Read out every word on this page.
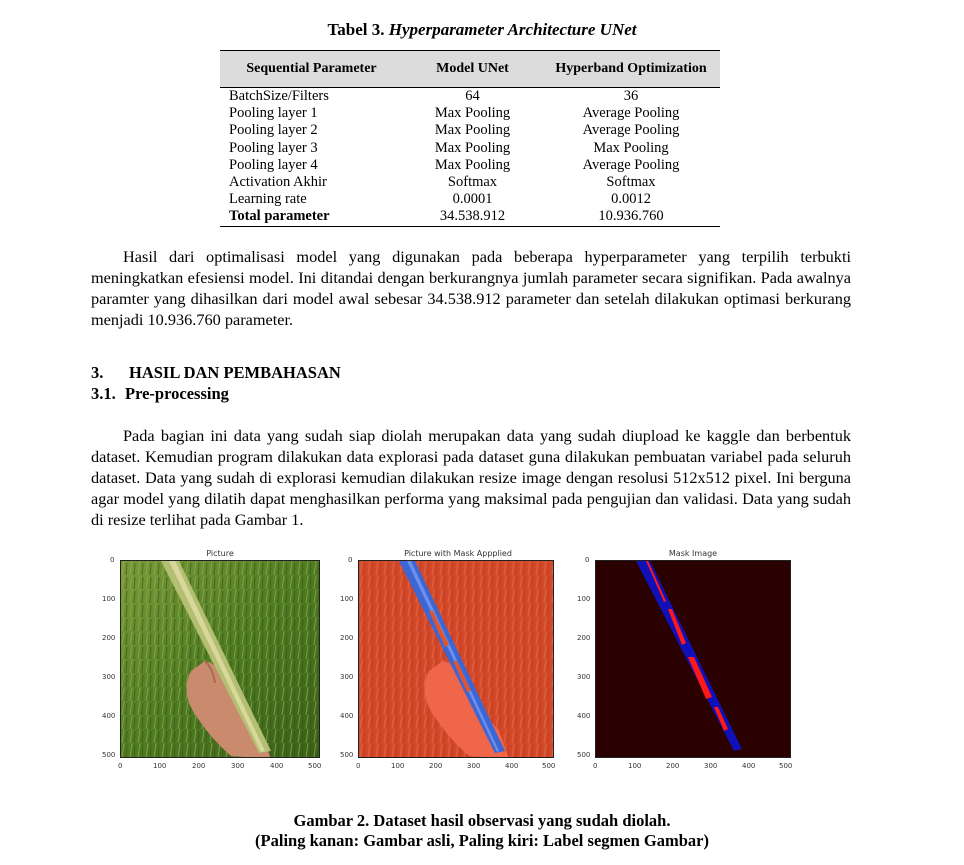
Tabel 3. Hyperparameter Architecture UNet
Sequential Parameter	Model UNet	Hyperband Optimization
BatchSize/Filters	64	36
Pooling layer 1	Max Pooling	Average Pooling
Pooling layer 2	Max Pooling	Average Pooling
Pooling layer 3	Max Pooling	Max Pooling
Pooling layer 4	Max Pooling	Average Pooling
Activation Akhir	Softmax	Softmax
Learning rate	0.0001	0.0012
Total parameter	34.538.912	10.936.760
Hasil dari optimalisasi model yang digunakan pada beberapa hyperparameter yang terpilih terbukti meningkatkan efesiensi model. Ini ditandai dengan berkurangnya jumlah parameter secara signifikan. Pada awalnya paramter yang dihasilkan dari model awal sebesar 34.538.912 parameter dan setelah dilakukan optimasi berkurang menjadi 10.936.760 parameter.
3. HASIL DAN PEMBAHASAN
3.1. Pre-processing
Pada bagian ini data yang sudah siap diolah merupakan data yang sudah diupload ke kaggle dan berbentuk dataset. Kemudian program dilakukan data explorasi pada dataset guna dilakukan pembuatan variabel pada seluruh dataset. Data yang sudah di explorasi kemudian dilakukan resize image dengan resolusi 512x512 pixel. Ini berguna agar model yang dilatih dapat menghasilkan performa yang maksimal pada pengujian dan validasi. Data yang sudah di resize terlihat pada Gambar 1.
Picture
0
100
200
300
400
500
0	100	200	300	400	500
Picture with Mask Appplied
0
100
200
300
400
500
0	100	200	300	400	500
Mask Image
0
100
200
300
400
500
0	100	200	300	400	500
Gambar 2. Dataset hasil observasi yang sudah diolah.
(Paling kanan: Gambar asli, Paling kiri: Label segmen Gambar)
